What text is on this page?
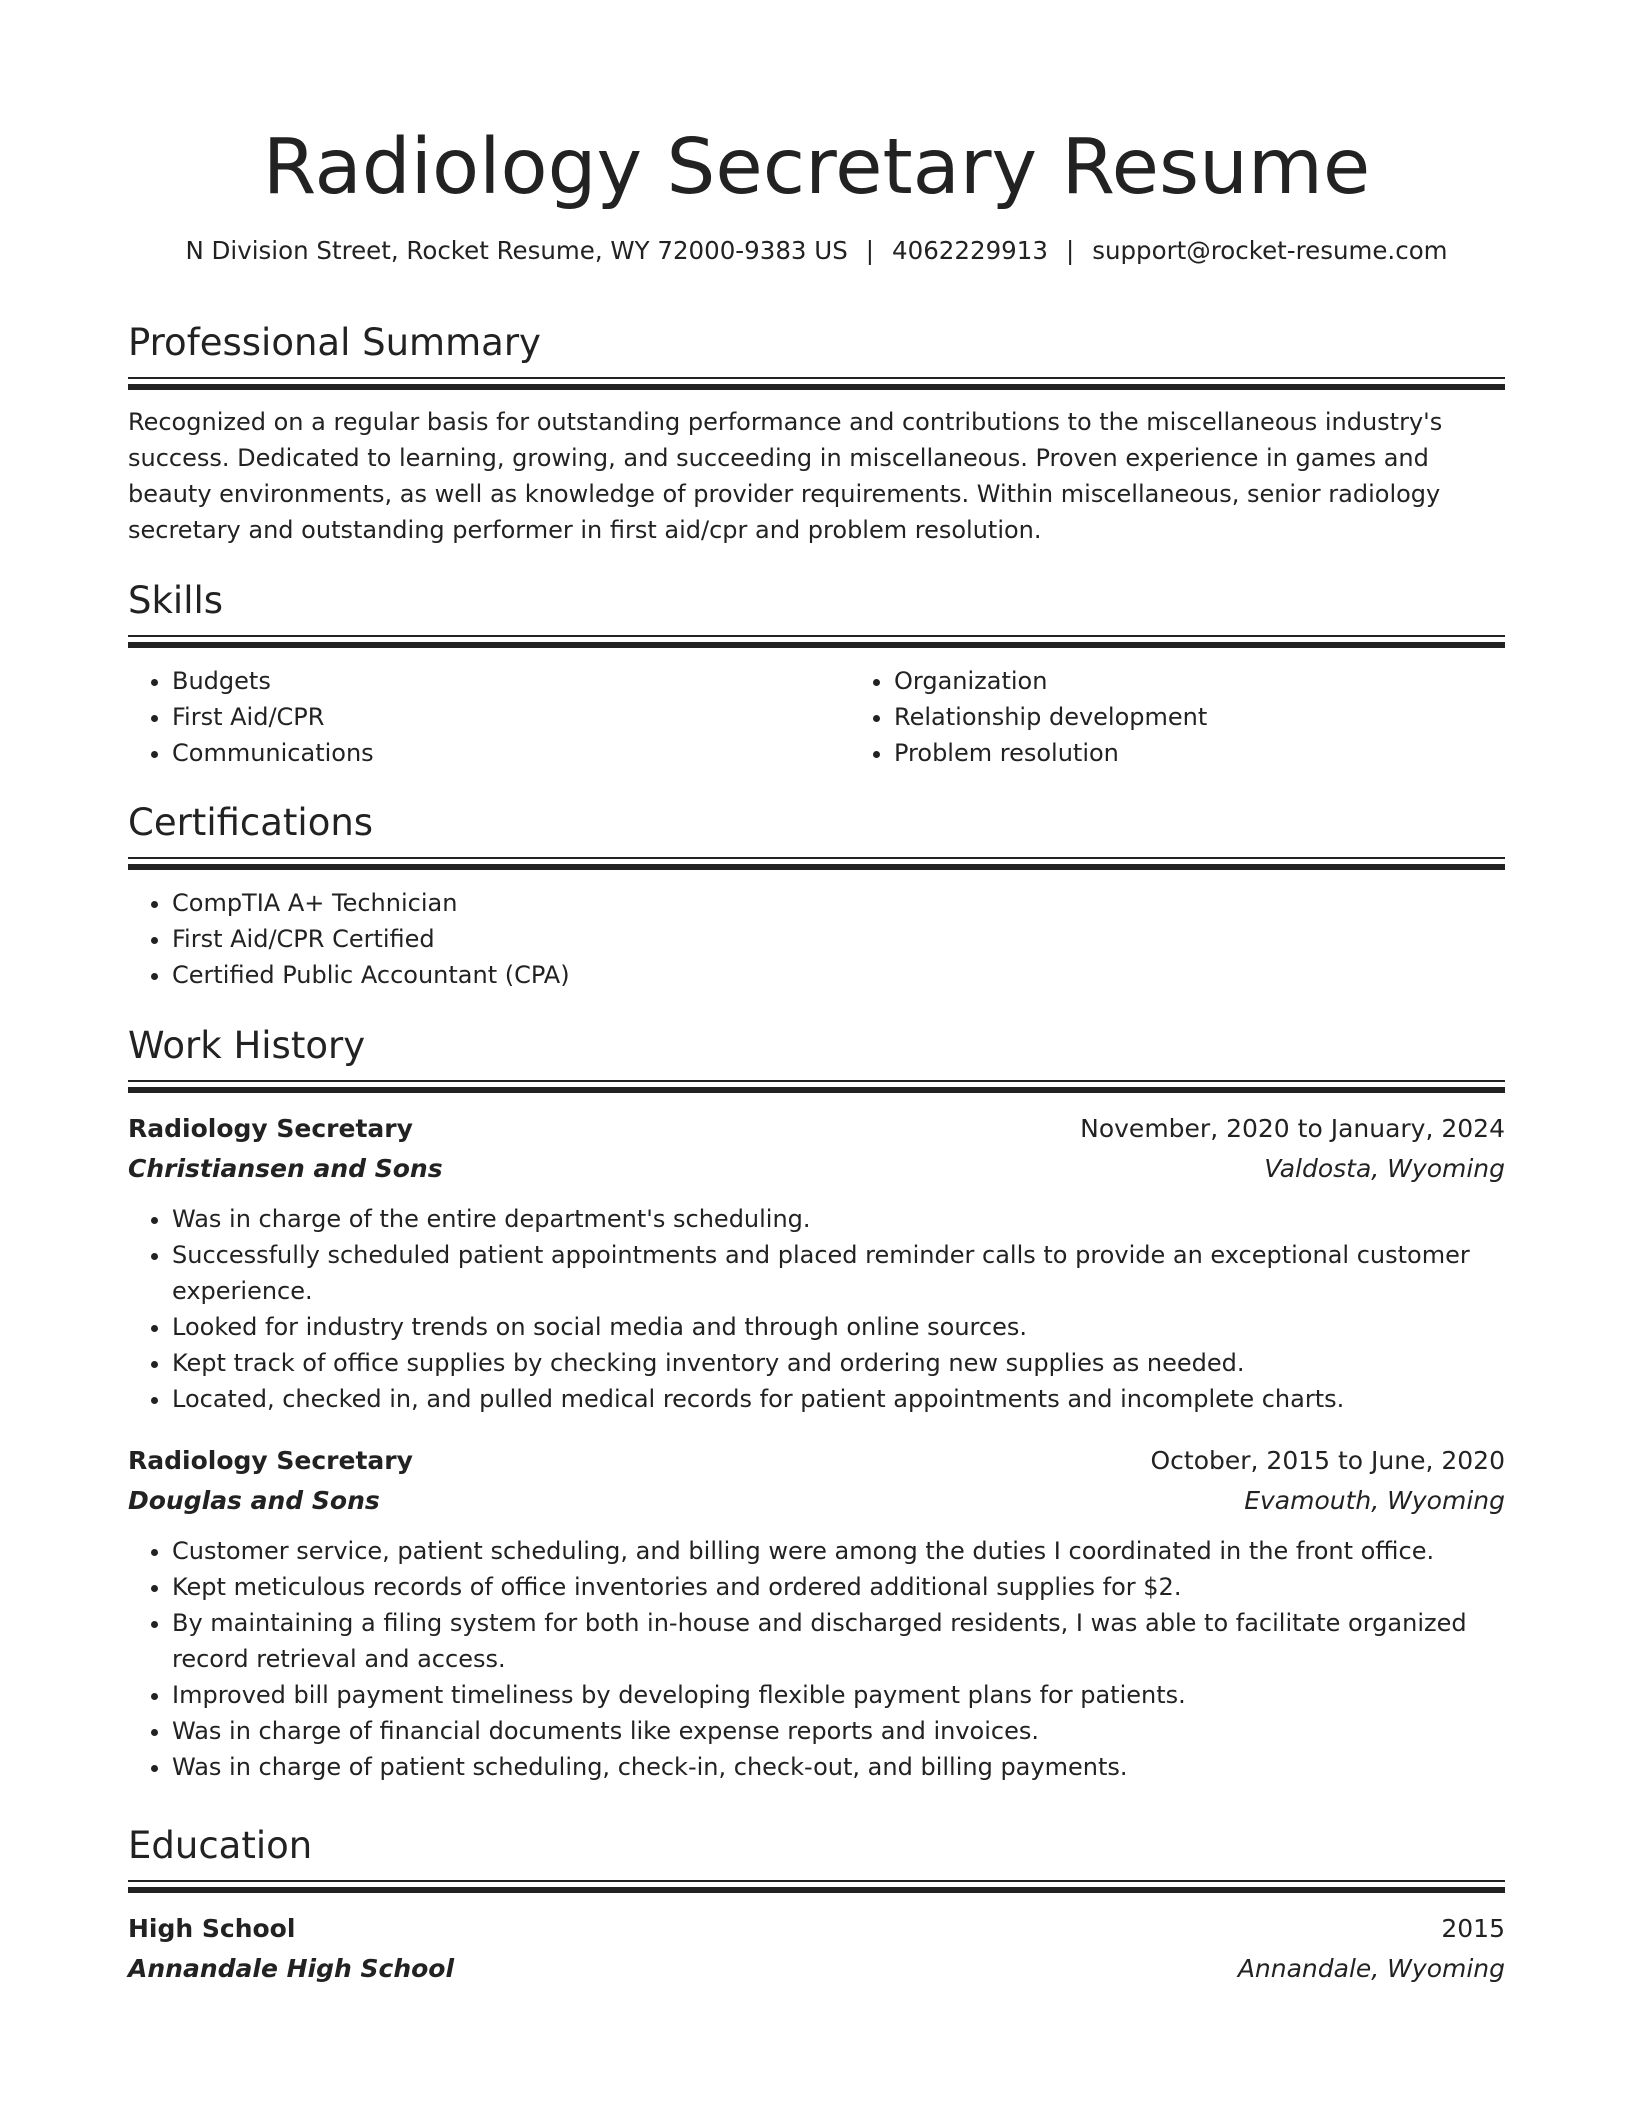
Radiology Secretary Resume
N Division Street, Rocket Resume, WY 72000-9383 US | 4062229913 | support@rocket-resume.com
Professional Summary
Recognized on a regular basis for outstanding performance and contributions to the miscellaneous industry's success. Dedicated to learning, growing, and succeeding in miscellaneous. Proven experience in games and beauty environments, as well as knowledge of provider requirements. Within miscellaneous, senior radiology secretary and outstanding performer in first aid/cpr and problem resolution.
Skills
• Budgets
• First Aid/CPR
• Communications
• Organization
• Relationship development
• Problem resolution
Certifications
• CompTIA A+ Technician
• First Aid/CPR Certified
• Certified Public Accountant (CPA)
Work History
Radiology Secretary	November, 2020 to January, 2024
Christiansen and Sons	Valdosta, Wyoming
• Was in charge of the entire department's scheduling.
• Successfully scheduled patient appointments and placed reminder calls to provide an exceptional customer experience.
• Looked for industry trends on social media and through online sources.
• Kept track of office supplies by checking inventory and ordering new supplies as needed.
• Located, checked in, and pulled medical records for patient appointments and incomplete charts.
Radiology Secretary	October, 2015 to June, 2020
Douglas and Sons	Evamouth, Wyoming
• Customer service, patient scheduling, and billing were among the duties I coordinated in the front office.
• Kept meticulous records of office inventories and ordered additional supplies for $2.
• By maintaining a filing system for both in-house and discharged residents, I was able to facilitate organized record retrieval and access.
• Improved bill payment timeliness by developing flexible payment plans for patients.
• Was in charge of financial documents like expense reports and invoices.
• Was in charge of patient scheduling, check-in, check-out, and billing payments.
Education
High School	2015
Annandale High School	Annandale, Wyoming
